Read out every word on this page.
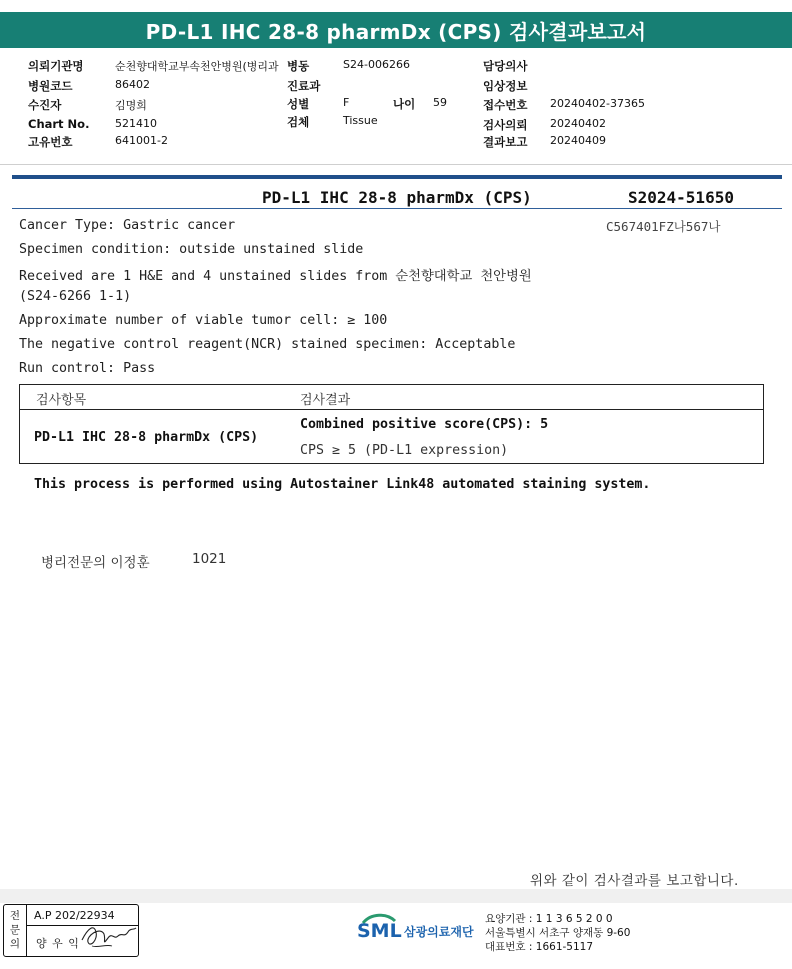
PD-L1 IHC 28-8 pharmDx (CPS) 검사결과보고서
의뢰기관명	순천향대학교부속천안병원(병리과
병원코드	86402
수진자	김명희
Chart No. 521410
고유번호	641001-2
병동	S24-006266
진료과
성별	F	나이 59
검체	Tissue
담당의사
임상정보
접수번호 20240402-37365
검사의뢰 20240402
결과보고 20240409
PD-L1 IHC 28-8 pharmDx (CPS)	S2024-51650
C567401FZ나567나
Cancer Type: Gastric cancer
Specimen condition: outside unstained slide
Received are 1 H&E and 4 unstained slides from 순천향대학교 천안병원
(S24-6266 1-1)
Approximate number of viable tumor cell: ≥ 100
The negative control reagent(NCR) stained specimen: Acceptable
Run control: Pass
검사항목	검사결과
PD-L1 IHC 28-8 pharmDx (CPS)
Combined positive score(CPS): 5
CPS ≥ 5 (PD-L1 expression)
This process is performed using Autostainer Link48 automated staining system.
병리전문의 이정훈	1021
위와 같이 검사결과를 보고합니다.
전
문
의
A.P 202/22934
양 우 익
SML 삼광의료재단
요양기관 : 1 1 3 6 5 2 0 0
서울특별시 서초구 양재동 9-60
대표번호 : 1661-5117
